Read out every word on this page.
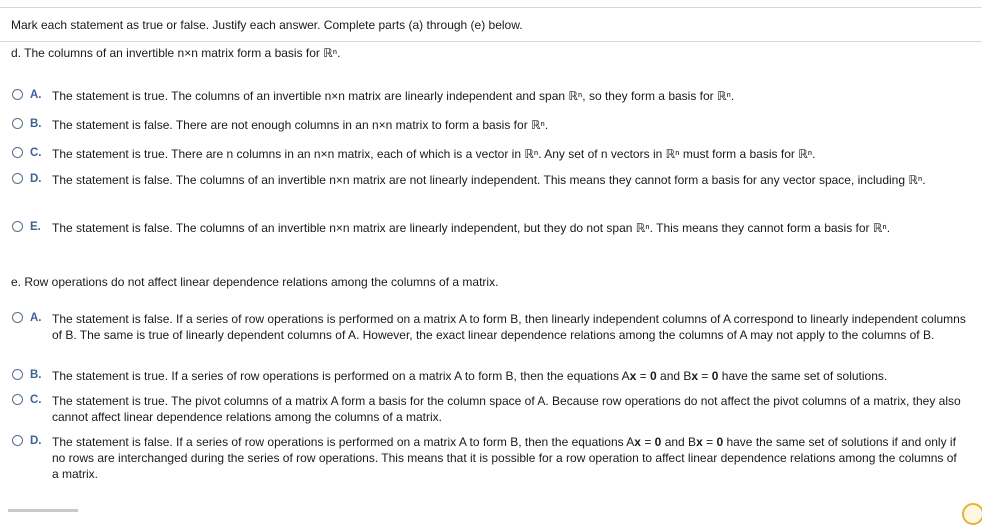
Mark each statement as true or false. Justify each answer. Complete parts (a) through (e) below.
d. The columns of an invertible n×n matrix form a basis for ℝⁿ.
A. The statement is true. The columns of an invertible n×n matrix are linearly independent and span ℝⁿ, so they form a basis for ℝⁿ.
B. The statement is false. There are not enough columns in an n×n matrix to form a basis for ℝⁿ.
C. The statement is true. There are n columns in an n×n matrix, each of which is a vector in ℝⁿ. Any set of n vectors in ℝⁿ must form a basis for ℝⁿ.
D. The statement is false. The columns of an invertible n×n matrix are not linearly independent. This means they cannot form a basis for any vector space, including ℝⁿ.
E. The statement is false. The columns of an invertible n×n matrix are linearly independent, but they do not span ℝⁿ. This means they cannot form a basis for ℝⁿ.
e. Row operations do not affect linear dependence relations among the columns of a matrix.
A. The statement is false. If a series of row operations is performed on a matrix A to form B, then linearly independent columns of A correspond to linearly independent columns of B. The same is true of linearly dependent columns of A. However, the exact linear dependence relations among the columns of A may not apply to the columns of B.
B. The statement is true. If a series of row operations is performed on a matrix A to form B, then the equations Ax = 0 and Bx = 0 have the same set of solutions.
C. The statement is true. The pivot columns of a matrix A form a basis for the column space of A. Because row operations do not affect the pivot columns of a matrix, they also cannot affect linear dependence relations among the columns of a matrix.
D. The statement is false. If a series of row operations is performed on a matrix A to form B, then the equations Ax = 0 and Bx = 0 have the same set of solutions if and only if no rows are interchanged during the series of row operations. This means that it is possible for a row operation to affect linear dependence relations among the columns of a matrix.
